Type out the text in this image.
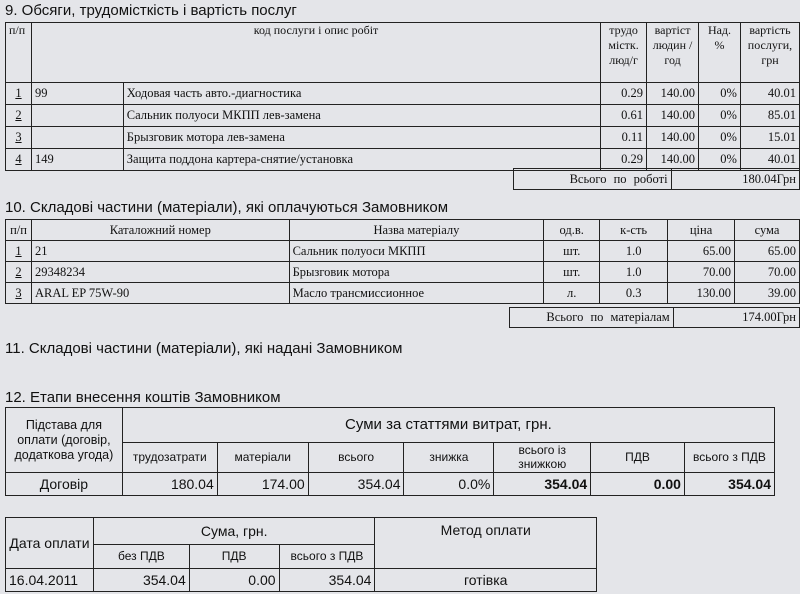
9. Обсяги, трудомісткість і вартість послуг
п/п	код послуги і опис робіт		трудо містк. люд/г	вартіст людин /год	Над. %	вартість послуги, грн
1	99	Ходовая часть авто.-диагностика	0.29	140.00	0%	40.01
2		Сальник полуоси МКПП лев-замена	0.61	140.00	0%	85.01
3		Брызговик мотора лев-замена	0.11	140.00	0%	15.01
4	149	Защита поддона картера-снятие/установка	0.29	140.00	0%	40.01
Всього по роботі	180.04Грн
10. Складові частини (матеріали), які оплачуються Замовником
п/п	Каталожний номер	Назва матеріалу	од.в.	к-сть	ціна	сума
1	21	Сальник полуоси МКПП	шт.	1.0	65.00	65.00
2	29348234	Брызговик мотора	шт.	1.0	70.00	70.00
3	ARAL EP 75W-90	Масло трансмиссионное	л.	0.3	130.00	39.00
Всього по матеріалам	174.00Грн
11. Складові частини (матеріали), які надані Замовником
12. Етапи внесення коштів Замовником
Підстава для оплати (договір, додаткова угода)	Суми за статтями витрат, грн.						
	трудозатрати	матеріали	всього	знижка	всього із знижкою	ПДВ	всього з ПДВ
Договір	180.04	174.00	354.04	0.0%	354.04	0.00	354.04
Дата оплати	Сума, грн.			Метод оплати
	без ПДВ	ПДВ	всього з ПДВ	
16.04.2011	354.04	0.00	354.04	готівка
